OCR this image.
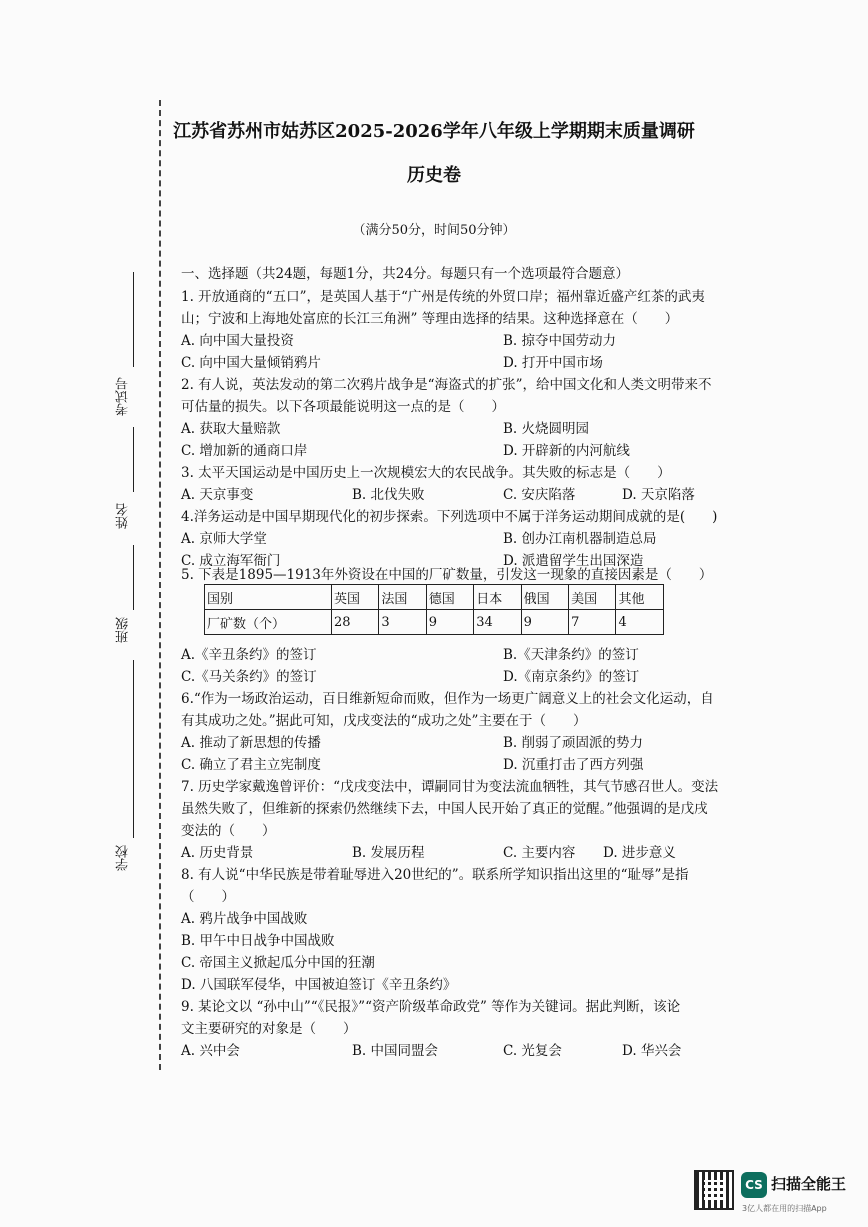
考试号
姓名
班级
学校
江苏省苏州市姑苏区2025-2026学年八年级上学期期末质量调研
历史卷
（满分50分，时间50分钟）
一、选择题（共24题，每题1分，共24分。每题只有一个选项最符合题意）
1. 开放通商的“五口”，是英国人基于“广州是传统的外贸口岸；福州靠近盛产红茶的武夷
山；宁波和上海地处富庶的长江三角洲” 等理由选择的结果。这种选择意在（　　）
A. 向中国大量投资	B. 掠夺中国劳动力
C. 向中国大量倾销鸦片	D. 打开中国市场
2. 有人说，英法发动的第二次鸦片战争是“海盗式的扩张”，给中国文化和人类文明带来不
可估量的损失。以下各项最能说明这一点的是（　　）
A. 获取大量赔款	B. 火烧圆明园
C. 增加新的通商口岸	D. 开辟新的内河航线
3. 太平天国运动是中国历史上一次规模宏大的农民战争。其失败的标志是（　　）
A. 天京事变	B. 北伐失败	C. 安庆陷落	D. 天京陷落
4.洋务运动是中国早期现代化的初步探索。下列选项中不属于洋务运动期间成就的是(　　)
A. 京师大学堂	B. 创办江南机器制造总局
C. 成立海军衙门	D. 派遣留学生出国深造
5. 下表是1895—1913年外资设在中国的厂矿数量，引发这一现象的直接因素是（　　）
国别	英国	法国	德国	日本	俄国	美国	其他
厂矿数（个）	28	3	9	34	9	7	4
A.《辛丑条约》的签订	B.《天津条约》的签订
C.《马关条约》的签订	D.《南京条约》的签订
6.“作为一场政治运动，百日维新短命而败，但作为一场更广阔意义上的社会文化运动，自
有其成功之处。”据此可知，戊戌变法的“成功之处”主要在于（　　）
A. 推动了新思想的传播	B. 削弱了顽固派的势力
C. 确立了君主立宪制度	D. 沉重打击了西方列强
7. 历史学家戴逸曾评价：“戊戌变法中，谭嗣同甘为变法流血牺牲，其气节感召世人。变法
虽然失败了，但维新的探索仍然继续下去，中国人民开始了真正的觉醒。”他强调的是戊戌
变法的（　　）
A. 历史背景	B. 发展历程	C. 主要内容 D. 进步意义
8. 有人说“中华民族是带着耻辱进入20世纪的”。联系所学知识指出这里的“耻辱”是指
（　　）
A. 鸦片战争中国战败
B. 甲午中日战争中国战败
C. 帝国主义掀起瓜分中国的狂潮
D. 八国联军侵华，中国被迫签订《辛丑条约》
9. 某论文以 “孙中山”“《民报》”“资产阶级革命政党” 等作为关键词。据此判断，该论
文主要研究的对象是（　　）
A. 兴中会	B. 中国同盟会	C. 光复会	D. 华兴会
CS 扫描全能王
3亿人都在用的扫描App
